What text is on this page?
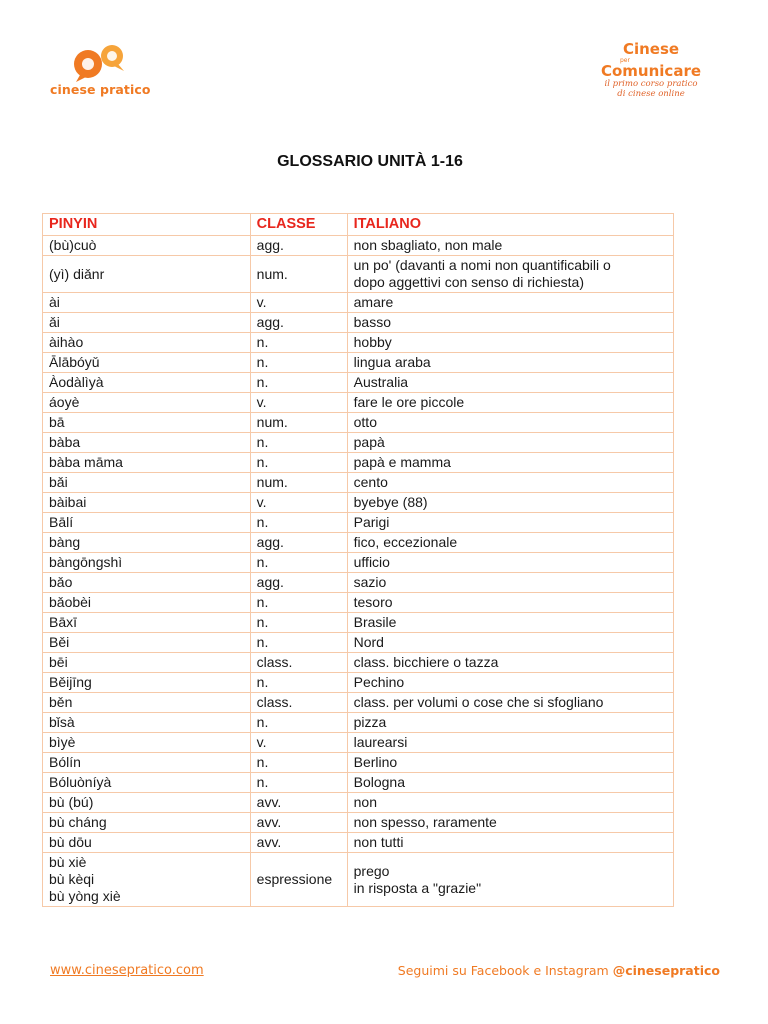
cinese pratico
Cinese
per
Comunicare
il primo corso pratico
di cinese online
GLOSSARIO UNITÀ 1-16
PINYIN	CLASSE	ITALIANO
(bù)cuò	agg.	non sbagliato, non male
(yì) diǎnr	num.	un po' (davanti a nomi non quantificabili o
dopo aggettivi con senso di richiesta)
ài	v.	amare
ǎi	agg.	basso
àihào	n.	hobby
Ālābóyǔ	n.	lingua araba
Àodàlìyà	n.	Australia
áoyè	v.	fare le ore piccole
bā	num.	otto
bàba	n.	papà
bàba māma	n.	papà e mamma
bǎi	num.	cento
bàibai	v.	byebye (88)
Bālí	n.	Parigi
bàng	agg.	fico, eccezionale
bàngōngshì	n.	ufficio
bǎo	agg.	sazio
bǎobèi	n.	tesoro
Bāxī	n.	Brasile
Běi	n.	Nord
bēi	class.	class. bicchiere o tazza
Běijīng	n.	Pechino
běn	class.	class. per volumi o cose che si sfogliano
bǐsà	n.	pizza
bìyè	v.	laurearsi
Bólín	n.	Berlino
Bóluòníyà	n.	Bologna
bù (bú)	avv.	non
bù cháng	avv.	non spesso, raramente
bù dōu	avv.	non tutti
bù xiè
bù kèqi
bù yòng xiè	espressione	prego
in risposta a "grazie"
www.cinesepratico.com	Seguimi su Facebook e Instagram @cinesepratico
